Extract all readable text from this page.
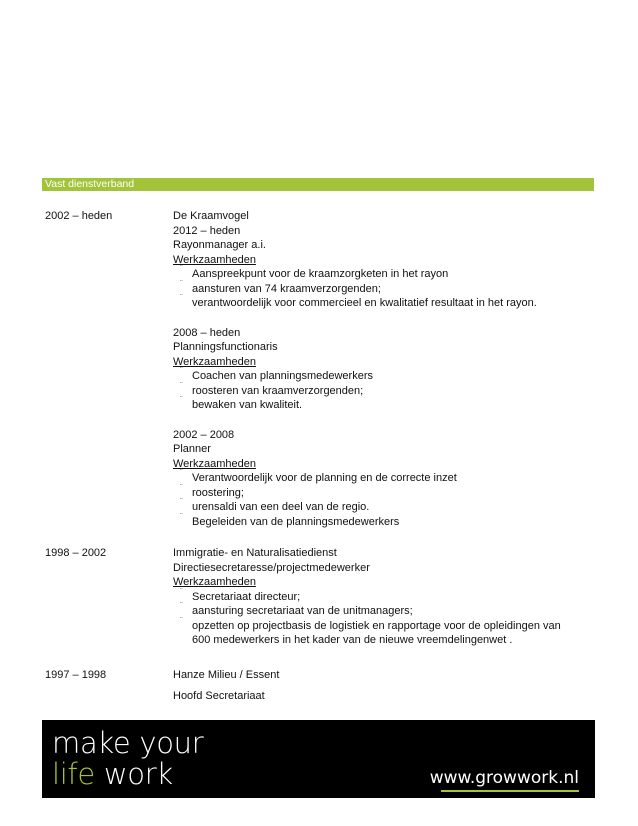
Vast dienstverband
2002 – heden	De Kraamvogel
2012 – heden
Rayonmanager a.i.
Werkzaamheden
¨ Aanspreekpunt voor de kraamzorgketen in het rayon
¨ aansturen van 74 kraamverzorgenden;
¨ verantwoordelijk voor commercieel en kwalitatief resultaat in het rayon.
2008 – heden
Planningsfunctionaris
Werkzaamheden
¨ Coachen van planningsmedewerkers
¨ roosteren van kraamverzorgenden;
¨ bewaken van kwaliteit.
2002 – 2008
Planner
Werkzaamheden
¨ Verantwoordelijk voor de planning en de correcte inzet
¨ roostering;
¨ urensaldi van een deel van de regio.
¨ Begeleiden van de planningsmedewerkers
1998 – 2002	Immigratie- en Naturalisatiedienst
Directiesecretaresse/projectmedewerker
Werkzaamheden
¨ Secretariaat directeur;
¨ aansturing secretariaat van de unitmanagers;
¨ opzetten op projectbasis de logistiek en rapportage voor de opleidingen van 600 medewerkers in het kader van de nieuwe vreemdelingenwet .
1997 – 1998	Hanze Milieu / Essent
Hoofd Secretariaat
make your
life work	www.growwork.nl
